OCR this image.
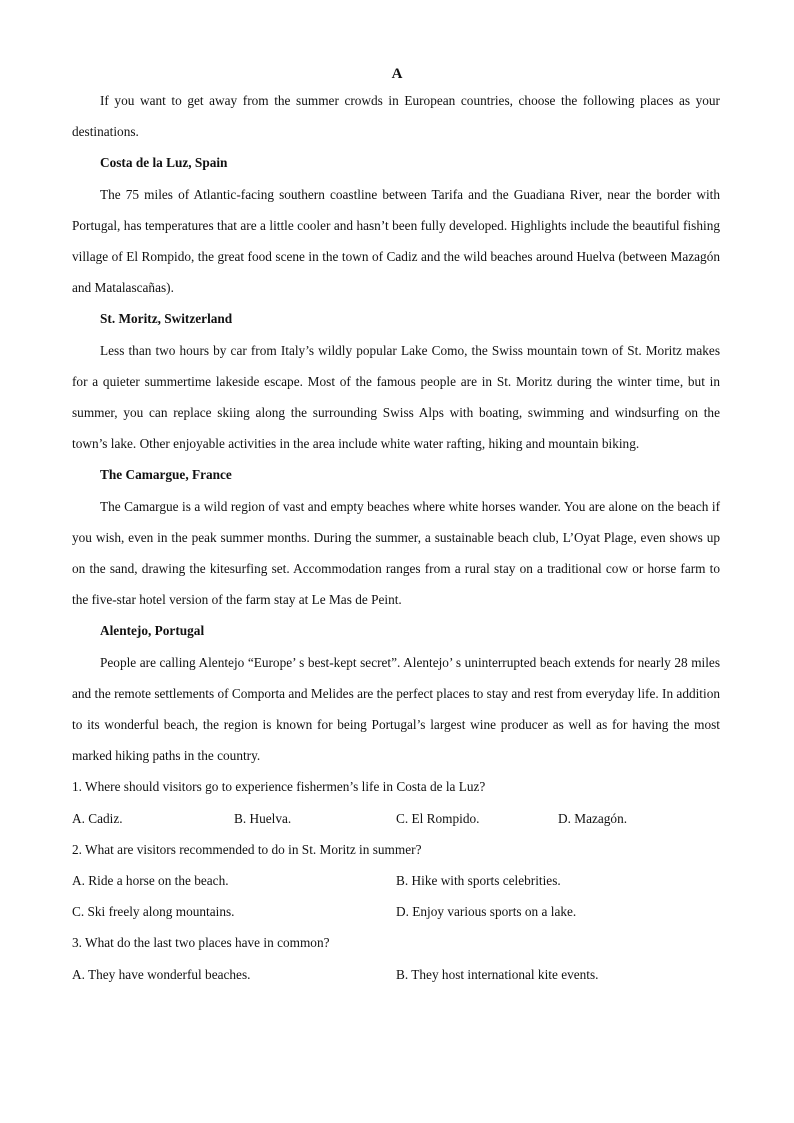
A

If you want to get away from the summer crowds in European countries, choose the following places as your destinations.

Costa de la Luz, Spain

The 75 miles of Atlantic-facing southern coastline between Tarifa and the Guadiana River, near the border with Portugal, has temperatures that are a little cooler and hasn’t been fully developed. Highlights include the beautiful fishing village of El Rompido, the great food scene in the town of Cadiz and the wild beaches around Huelva (between Mazagón and Matalascañas).

St. Moritz, Switzerland

Less than two hours by car from Italy’s wildly popular Lake Como, the Swiss mountain town of St. Moritz makes for a quieter summertime lakeside escape. Most of the famous people are in St. Moritz during the winter time, but in summer, you can replace skiing along the surrounding Swiss Alps with boating, swimming and windsurfing on the town’s lake. Other enjoyable activities in the area include white water rafting, hiking and mountain biking.

The Camargue, France

The Camargue is a wild region of vast and empty beaches where white horses wander. You are alone on the beach if you wish, even in the peak summer months. During the summer, a sustainable beach club, L’Oyat Plage, even shows up on the sand, drawing the kitesurfing set. Accommodation ranges from a rural stay on a traditional cow or horse farm to the five-star hotel version of the farm stay at Le Mas de Peint.

Alentejo, Portugal

People are calling Alentejo “Europe’ s best-kept secret”. Alentejo’ s uninterrupted beach extends for nearly 28 miles and the remote settlements of Comporta and Melides are the perfect places to stay and rest from everyday life. In addition to its wonderful beach, the region is known for being Portugal’s largest wine producer as well as for having the most marked hiking paths in the country.

1. Where should visitors go to experience fishermen’s life in Costa de la Luz?

A. Cadiz.	B. Huelva.	C. El Rompido.	D. Mazagón.

2. What are visitors recommended to do in St. Moritz in summer?

A. Ride a horse on the beach.	B. Hike with sports celebrities.
C. Ski freely along mountains.	D. Enjoy various sports on a lake.

3. What do the last two places have in common?

A. They have wonderful beaches.	B. They host international kite events.
